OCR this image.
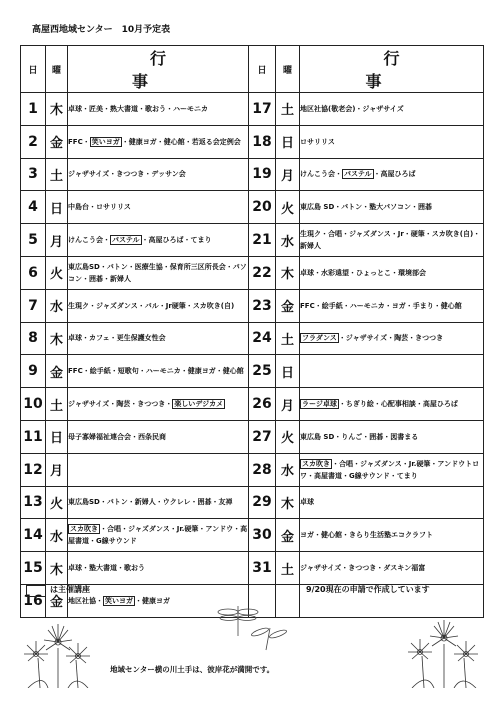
高屋西地域センター　10月予定表
日	曜	行　事	日	曜	行　事
1	木	卓球・匠美・熟大書道・歌おう・ハーモニカ	17	土	地区社協(敬老会)・ジャザサイズ
2	金	FFC・ 笑いヨガ ・健康ヨガ・健心館・若返る会定例会	18	日	ロサリリス
3	土	ジャザサイズ・きつつき・デッサン会	19	月	けんこう会・ パステル ・高屋ひろば
4	日	中島台・ロサリリス	20	火	東広島 SD・バトン・塾大パソコン・囲碁
5	月	けんこう会・ パステル ・高屋ひろば・てまり	21	水	生現ク・合唱・ジャズダンス・Jr・硬筆・スカ吹き(自)・新婦人
6	火	東広島SD・バトン・医療生協・保育所三区所長会・パソコン・囲碁・新婦人	22	木	卓球・水彩遠望・ひょっとこ・環境部会
7	水	生現ク・ジャズダンス・バル・Jr硬筆・スカ吹き(自)	23	金	FFC・絵手紙・ハーモニカ・ヨガ・手まり・健心館
8	木	卓球・カフェ・更生保護女性会	24	土	フラダンス ・ジャザサイズ・陶芸・きつつき
9	金	FFC・絵手紙・短歌句・ハーモニカ・健康ヨガ・健心館	25	日	
10	土	ジャザサイズ・陶芸・きつつき・ 楽しいデジカメ	26	月	ラージ卓球 ・ちぎり絵・心配事相談・高屋ひろば
11	日	母子寡婦福祉連合会・西条民商	27	火	東広島 SD・りんご・囲碁・図書まる
12	月		28	水	スカ吹き ・合唱・ジャズダンス・Jr.硬筆・アンドウトロワ・高屋書道・G線サウンド・てまり
13	火	東広島SD・バトン・新婦人・ウクレレ・囲碁・友禅	29	木	卓球
14	水	スカ吹き ・合唱・ジャズダンス・Jr.硬筆・アンドウ・高屋書道・G線サウンド	30	金	ヨガ・健心館・きらり生活塾エコクラフト
15	木	卓球・塾大書道・歌おう	31	土	ジャザサイズ・きつつき・ダスキン福富
16	金	地区社協・ 笑いヨガ ・健康ヨガ			
は主催講座	9/20現在の申請で作成しています
地域センター横の川土手は、彼岸花が満開です。
